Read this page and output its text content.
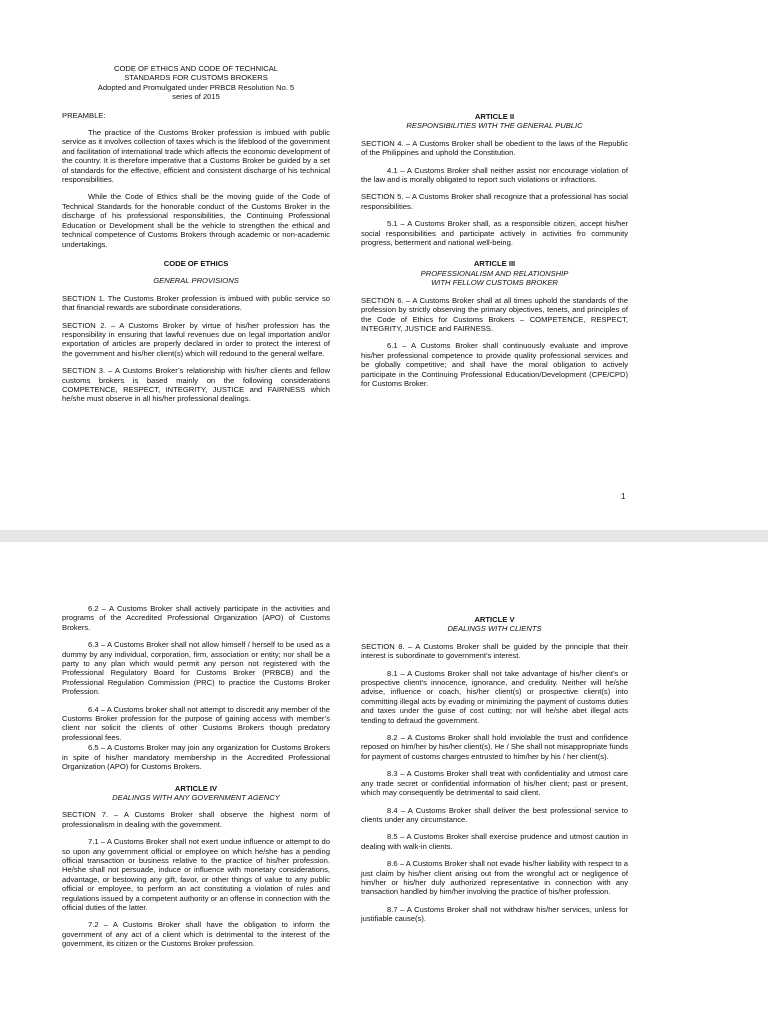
CODE OF ETHICS AND CODE OF TECHNICAL
STANDARDS FOR CUSTOMS BROKERS
Adopted and Promulgated under PRBCB Resolution No. 5
series of 2015

PREAMBLE:

The practice of the Customs Broker profession is imbued with public service as it involves collection of taxes which is the lifeblood of the government and facilitation of international trade which affects the economic development of the country. It is therefore imperative that a Customs Broker be guided by a set of standards for the effective, efficient and consistent discharge of his technical responsibilities.

While the Code of Ethics shall be the moving guide of the Code of Technical Standards for the honorable conduct of the Customs Broker in the discharge of his professional responsibilities, the Continuing Professional Education or Development shall be the vehicle to strengthen the ethical and technical competence of Customs Brokers through academic or non-academic undertakings.

CODE OF ETHICS

GENERAL PROVISIONS

SECTION 1. The Customs Broker profession is imbued with public service so that financial rewards are subordinate considerations.

SECTION 2. – A Customs Broker by virtue of his/her profession has the responsibility in ensuring that lawful revenues due on legal importation and/or exportation of articles are properly declared in order to protect the interest of the government and his/her client(s) which will redound to the general welfare.

SECTION 3. – A Customs Broker’s relationship with his/her clients and fellow customs brokers is based mainly on the following considerations COMPETENCE, RESPECT, INTEGRITY, JUSTICE and FAIRNESS which he/she must observe in all his/her professional dealings.

ARTICLE II
RESPONSIBILITIES WITH THE GENERAL PUBLIC

SECTION 4. – A Customs Broker shall be obedient to the laws of the Republic of the Philippines and uphold the Constitution.

4.1 – A Customs Broker shall neither assist nor encourage violation of the law and is morally obligated to report such violations or infractions.

SECTION 5. – A Customs Broker shall recognize that a professional has social responsibilities.

5.1 – A Customs Broker shall, as a responsible citizen, accept his/her social responsibilities and participate actively in activities fro community progress, betterment and national well-being.

ARTICLE III
PROFESSIONALISM AND RELATIONSHIP
WITH FELLOW CUSTOMS BROKER

SECTION 6. – A Customs Broker shall at all times uphold the standards of the profession by strictly observing the primary objectives, tenets, and principles of the Code of Ethics for Customs Brokers – COMPETENCE, RESPECT, INTEGRITY, JUSTICE and FAIRNESS.

6.1 – A Customs Broker shall continuously evaluate and improve his/her professional competence to provide quality professional services and be globally competitive; and shall have the moral obligation to actively participate in the Continuing Professional Education/Development (CPE/CPD) for Customs Broker.

1

6.2 – A Customs Broker shall actively participate in the activities and programs of the Accredited Professional Organization (APO) of Customs Brokers.

6.3 – A Customs Broker shall not allow himself / herself to be used as a dummy by any individual, corporation, firm, association or entity; nor shall be a party to any plan which would permit any person not registered with the Professional Regulatory Board for Customs Broker (PRBCB) and the Professional Regulation Commission (PRC) to practice the Customs Broker Profession.

6.4 – A Customs broker shall not attempt to discredit any member of the Customs Broker profession for the purpose of gaining access with member’s client nor solicit the clients of other Customs Brokers though predatory professional fees.

6.5 – A Customs Broker may join any organization for Customs Brokers in spite of his/her mandatory membership in the Accredited Professional Organization (APO) for Customs Brokers.

ARTICLE IV
DEALINGS WITH ANY GOVERNMENT AGENCY

SECTION 7. – A Customs Broker shall observe the highest norm of professionalism in dealing with the government.

7.1 – A Customs Broker shall not exert undue influence or attempt to do so upon any government official or employee on which he/she has a pending official transaction or business relative to the practice of his/her profession. He/she shall not persuade, induce or influence with monetary considerations, advantage, or bestowing any gift, favor, or other things of value to any public official or employee, to perform an act constituting a violation of rules and regulations issued by a competent authority or an offense in connection with the official duties of the latter.

7.2 – A Customs Broker shall have the obligation to inform the government of any act of a client which is detrimental to the interest of the government, its citizen or the Customs Broker profession.

ARTICLE V
DEALINGS WITH CLIENTS

SECTION 8. – A Customs Broker shall be guided by the principle that their interest is subordinate to government’s interest.

8.1 – A Customs Broker shall not take advantage of his/her client’s or prospective client’s innocence, ignorance, and credulity. Neither will he/she advise, influence or coach, his/her client(s) or prospective client(s) into committing illegal acts by evading or minimizing the payment of customs duties and taxes under the guise of cost cutting; nor will he/she abet illegal acts tending to defraud the government.

8.2 – A Customs Broker shall hold inviolable the trust and confidence reposed on him/her by his/her client(s). He / She shall not misappropriate funds for payment of customs charges entrusted to him/her by his / her client(s).

8.3 – A Customs Broker shall treat with confidentiality and utmost care any trade secret or confidential information of his/her client; past or present, which may consequently be detrimental to said client.

8.4 – A Customs Broker shall deliver the best professional service to clients under any circumstance.

8.5 – A Customs Broker shall exercise prudence and utmost caution in dealing with walk-in clients.

8.6 – A Customs Broker shall not evade his/her liability with respect to a just claim by his/her client arising out from the wrongful act or negligence of him/her or his/her duly authorized representative in connection with any transaction handled by him/her involving the practice of his/her profession.

8.7 – A Customs Broker shall not withdraw his/her services, unless for justifiable cause(s).
